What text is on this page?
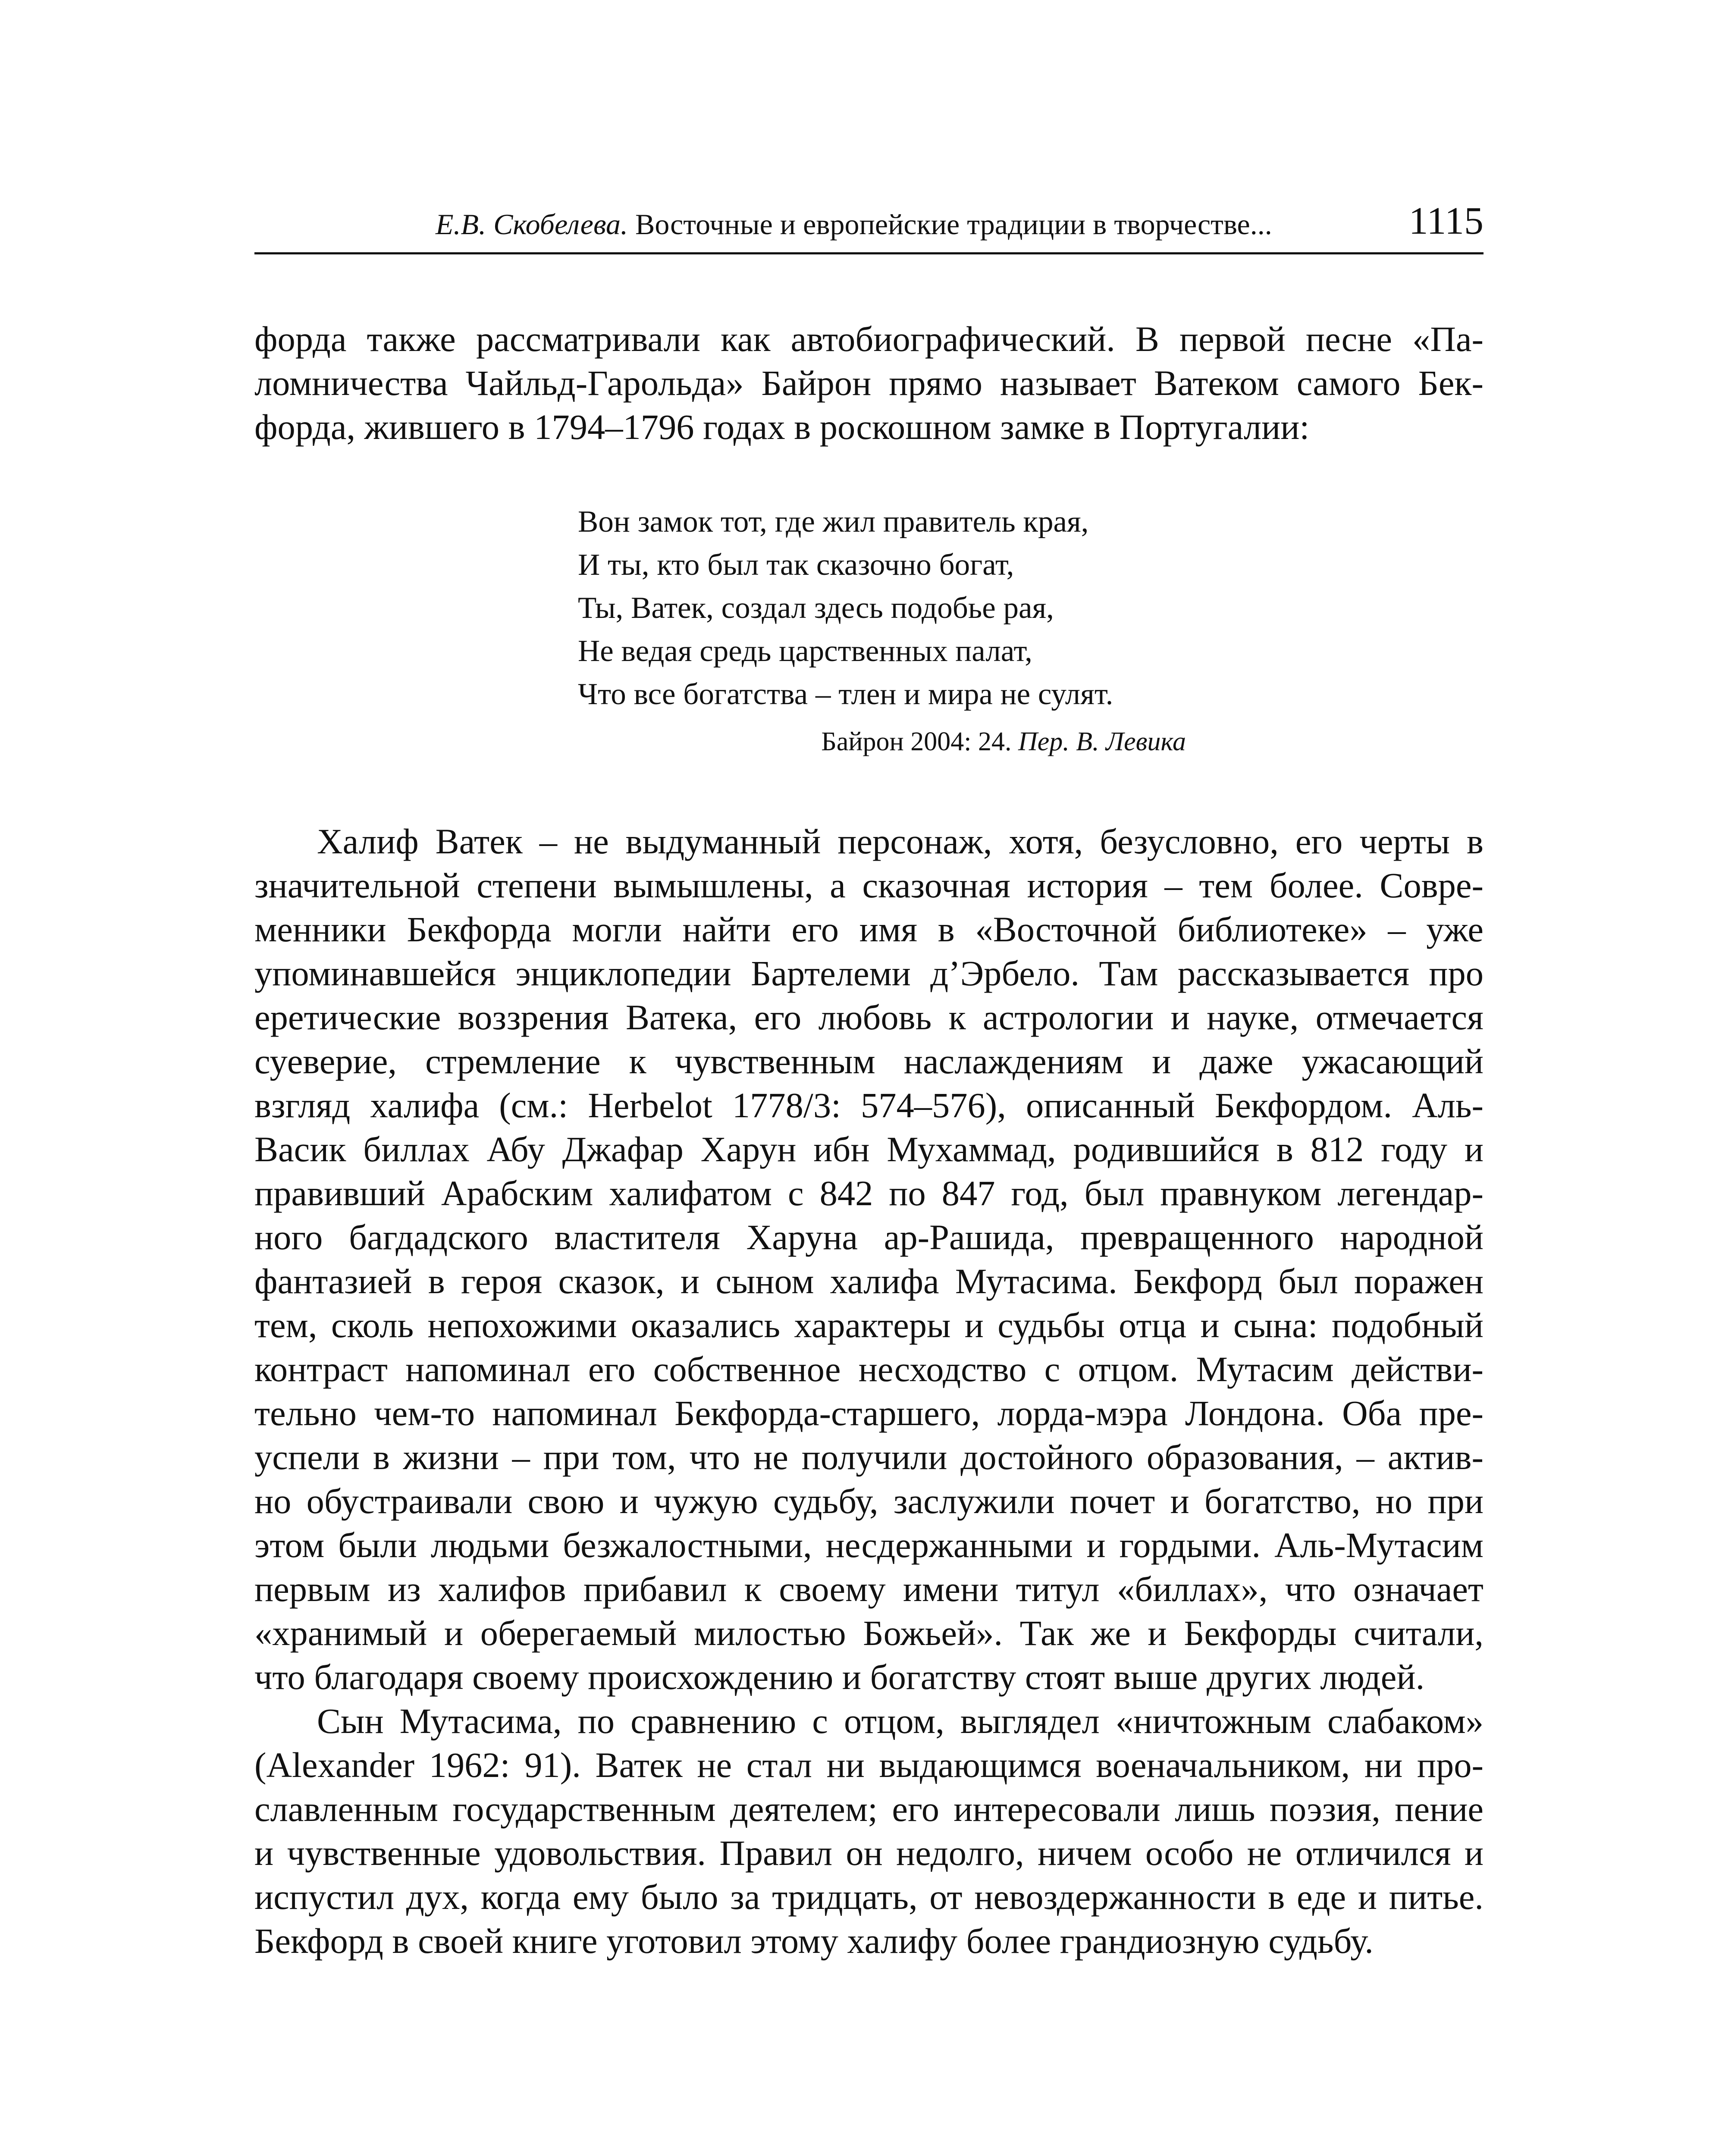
Е.В. Скобелева. Восточные и европейские традиции в творчестве...	1115
форда также рассматривали как автобиографический. В первой песне «Па-
ломничества Чайльд-Гарольда» Байрон прямо называет Ватеком самого Бек-
форда, жившего в 1794–1796 годах в роскошном замке в Португалии:
Вон замок тот, где жил правитель края,
И ты, кто был так сказочно богат,
Ты, Ватек, создал здесь подобье рая,
Не ведая средь царственных палат,
Что все богатства – тлен и мира не сулят.
Байрон 2004: 24. Пер. В. Левика
Халиф Ватек – не выдуманный персонаж, хотя, безусловно, его черты в
значительной степени вымышлены, а сказочная история – тем более. Совре-
менники Бекфорда могли найти его имя в «Восточной библиотеке» – уже
упоминавшейся энциклопедии Бартелеми д’Эрбело. Там рассказывается про
еретические воззрения Ватека, его любовь к астрологии и науке, отмечается
суеверие, стремление к чувственным наслаждениям и даже ужасающий
взгляд халифа (см.: Herbelot 1778/3: 574–576), описанный Бекфордом. Аль-
Васик биллах Абу Джафар Харун ибн Мухаммад, родившийся в 812 году и
правивший Арабским халифатом с 842 по 847 год, был правнуком легендар-
ного багдадского властителя Харуна ар-Рашида, превращенного народной
фантазией в героя сказок, и сыном халифа Мутасима. Бекфорд был поражен
тем, сколь непохожими оказались характеры и судьбы отца и сына: подобный
контраст напоминал его собственное несходство с отцом. Мутасим действи-
тельно чем-то напоминал Бекфорда-старшего, лорда-мэра Лондона. Оба пре-
успели в жизни – при том, что не получили достойного образования, – актив-
но обустраивали свою и чужую судьбу, заслужили почет и богатство, но при
этом были людьми безжалостными, несдержанными и гордыми. Аль-Мутасим
первым из халифов прибавил к своему имени титул «биллах», что означает
«хранимый и оберегаемый милостью Божьей». Так же и Бекфорды считали,
что благодаря своему происхождению и богатству стоят выше других людей.
Сын Мутасима, по сравнению с отцом, выглядел «ничтожным слабаком»
(Alexander 1962: 91). Ватек не стал ни выдающимся военачальником, ни про-
славленным государственным деятелем; его интересовали лишь поэзия, пение
и чувственные удовольствия. Правил он недолго, ничем особо не отличился и
испустил дух, когда ему было за тридцать, от невоздержанности в еде и питье.
Бекфорд в своей книге уготовил этому халифу более грандиозную судьбу.
